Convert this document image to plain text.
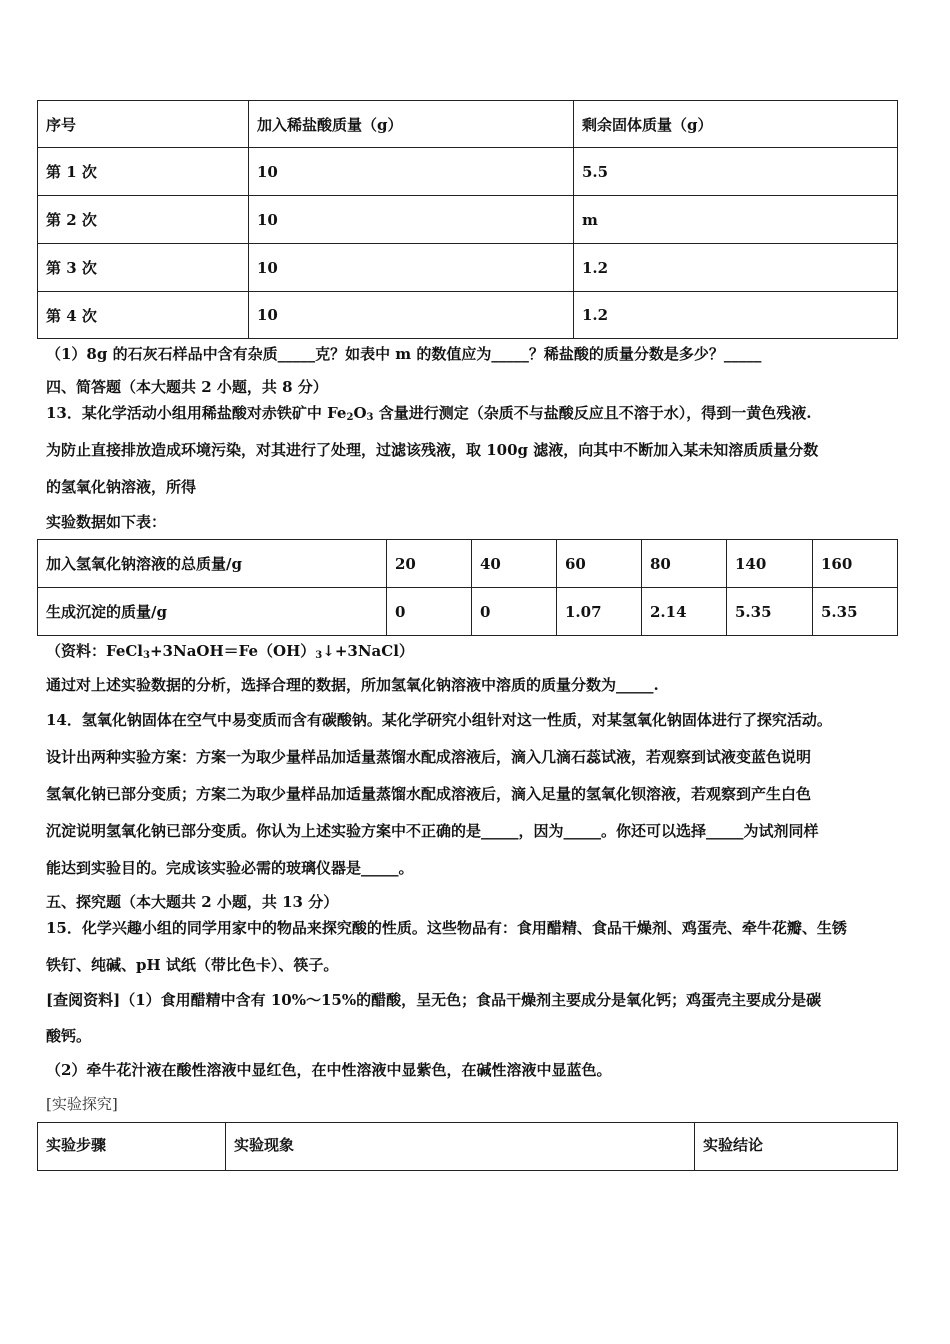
序号	加入稀盐酸质量（g）	剩余固体质量（g）
第 1 次	10	5.5
第 2 次	10	m
第 3 次	10	1.2
第 4 次	10	1.2
（1）8g 的石灰石样品中含有杂质_____克？如表中 m 的数值应为_____？稀盐酸的质量分数是多少？_____
四、简答题（本大题共 2 小题，共 8 分）
13．某化学活动小组用稀盐酸对赤铁矿中 $Fe_2O_3$ 含量进行测定（杂质不与盐酸反应且不溶于水），得到一黄色残液.
为防止直接排放造成环境污染，对其进行了处理，过滤该残液，取 100g 滤液，向其中不断加入某未知溶质质量分数
的氢氧化钠溶液，所得
实验数据如下表：
加入氢氧化钠溶液的总质量/g	20	40	60	80	140	160
生成沉淀的质量/g	0	0	1.07	2.14	5.35	5.35
（资料：$FeCl_3+3NaOH=Fe(OH)_3↓+3NaCl$）
通过对上述实验数据的分析，选择合理的数据，所加氢氧化钠溶液中溶质的质量分数为_____.
14．氢氧化钠固体在空气中易变质而含有碳酸钠。某化学研究小组针对这一性质，对某氢氧化钠固体进行了探究活动。
设计出两种实验方案：方案一为取少量样品加适量蒸馏水配成溶液后，滴入几滴石蕊试液，若观察到试液变蓝色说明
氢氧化钠已部分变质；方案二为取少量样品加适量蒸馏水配成溶液后，滴入足量的氢氧化钡溶液，若观察到产生白色
沉淀说明氢氧化钠已部分变质。你认为上述实验方案中不正确的是_____，因为_____。你还可以选择_____为试剂同样
能达到实验目的。完成该实验必需的玻璃仪器是_____。
五、探究题（本大题共 2 小题，共 13 分）
15．化学兴趣小组的同学用家中的物品来探究酸的性质。这些物品有：食用醋精、食品干燥剂、鸡蛋壳、牵牛花瓣、生锈
铁钉、纯碱、pH 试纸（带比色卡）、筷子。
[查阅资料]（1）食用醋精中含有 10%～15%的醋酸，呈无色；食品干燥剂主要成分是氧化钙；鸡蛋壳主要成分是碳
酸钙。
（2）牵牛花汁液在酸性溶液中显红色，在中性溶液中显紫色，在碱性溶液中显蓝色。
[实验探究]
实验步骤	实验现象	实验结论
